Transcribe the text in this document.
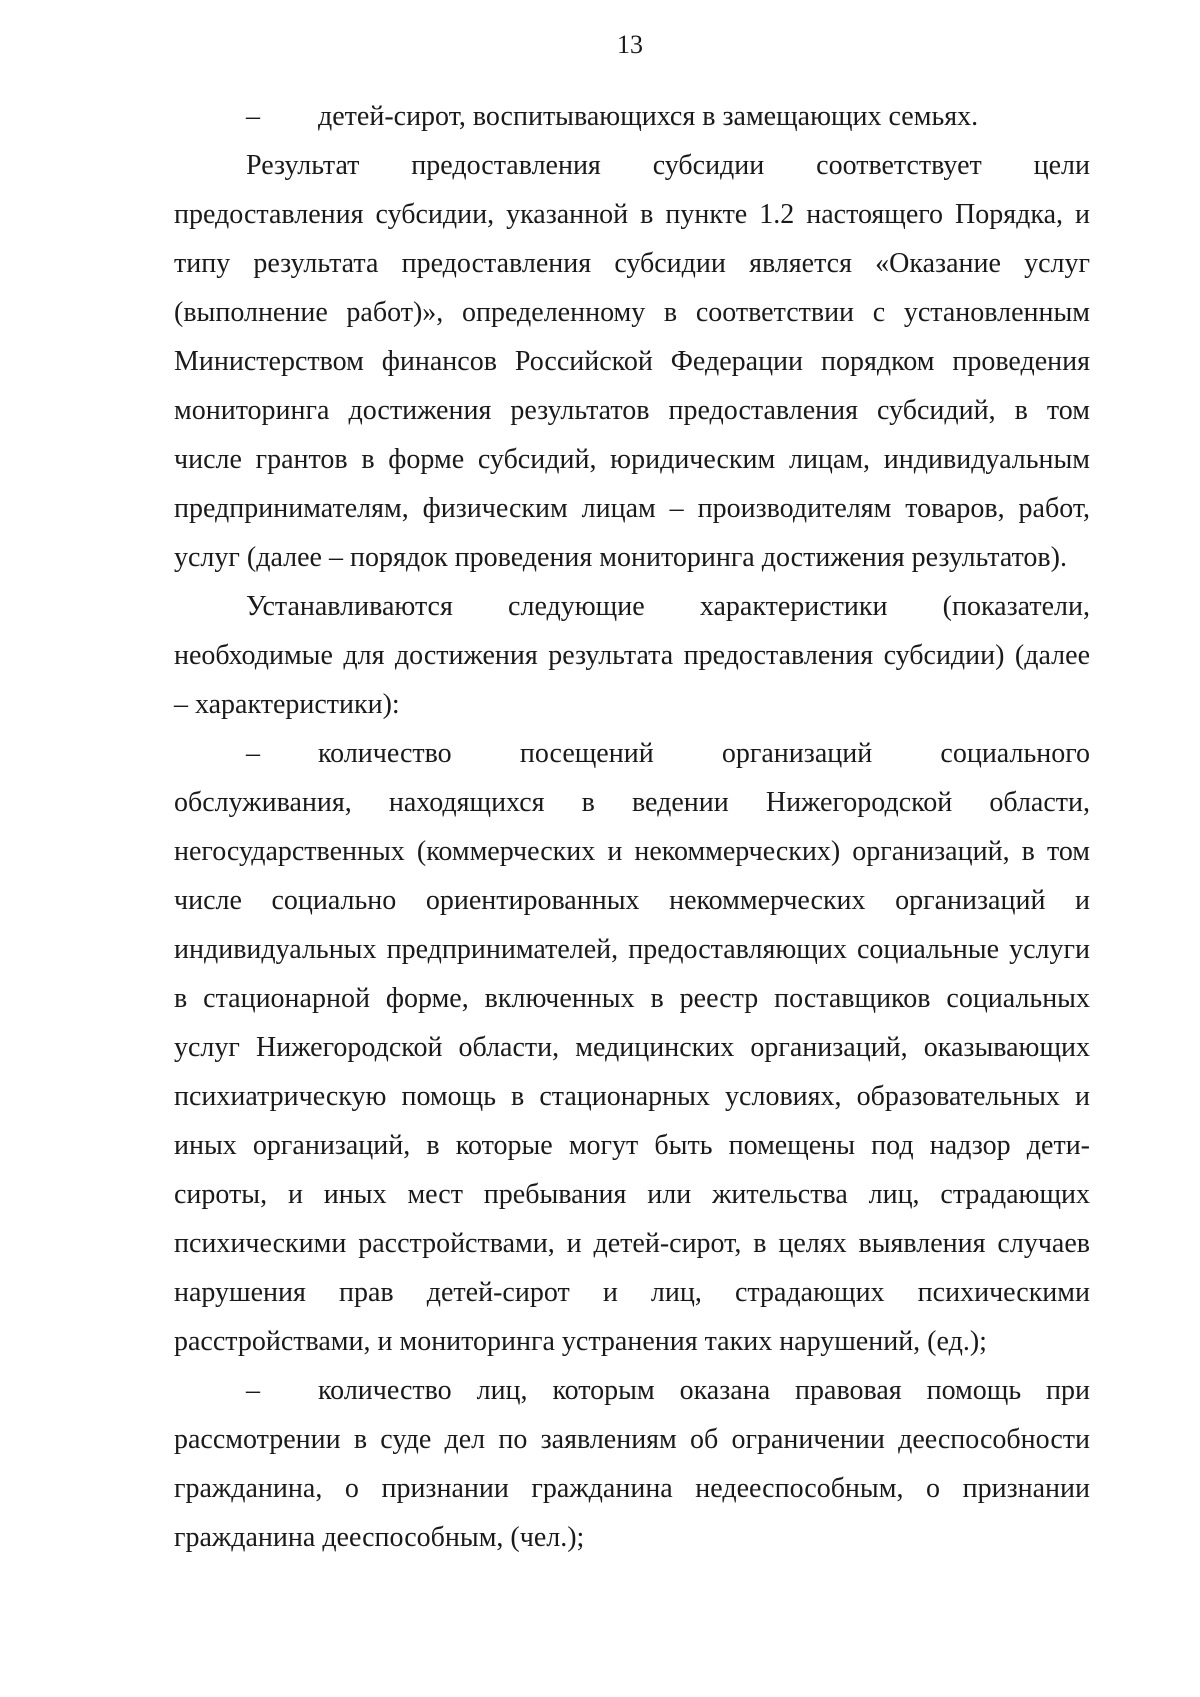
13

– детей-сирот, воспитывающихся в замещающих семьях.

Результат предоставления субсидии соответствует цели предоставления субсидии, указанной в пункте 1.2 настоящего Порядка, и типу результата предоставления субсидии является «Оказание услуг (выполнение работ)», определенному в соответствии с установленным Министерством финансов Российской Федерации порядком проведения мониторинга достижения результатов предоставления субсидий, в том числе грантов в форме субсидий, юридическим лицам, индивидуальным предпринимателям, физическим лицам – производителям товаров, работ, услуг (далее – порядок проведения мониторинга достижения результатов).

Устанавливаются следующие характеристики (показатели, необходимые для достижения результата предоставления субсидии) (далее – характеристики):

– количество посещений организаций социального обслуживания, находящихся в ведении Нижегородской области, негосударственных (коммерческих и некоммерческих) организаций, в том числе социально ориентированных некоммерческих организаций и индивидуальных предпринимателей, предоставляющих социальные услуги в стационарной форме, включенных в реестр поставщиков социальных услуг Нижегородской области, медицинских организаций, оказывающих психиатрическую помощь в стационарных условиях, образовательных и иных организаций, в которые могут быть помещены под надзор дети-сироты, и иных мест пребывания или жительства лиц, страдающих психическими расстройствами, и детей-сирот, в целях выявления случаев нарушения прав детей-сирот и лиц, страдающих психическими расстройствами, и мониторинга устранения таких нарушений, (ед.);

– количество лиц, которым оказана правовая помощь при рассмотрении в суде дел по заявлениям об ограничении дееспособности гражданина, о признании гражданина недееспособным, о признании гражданина дееспособным, (чел.);
